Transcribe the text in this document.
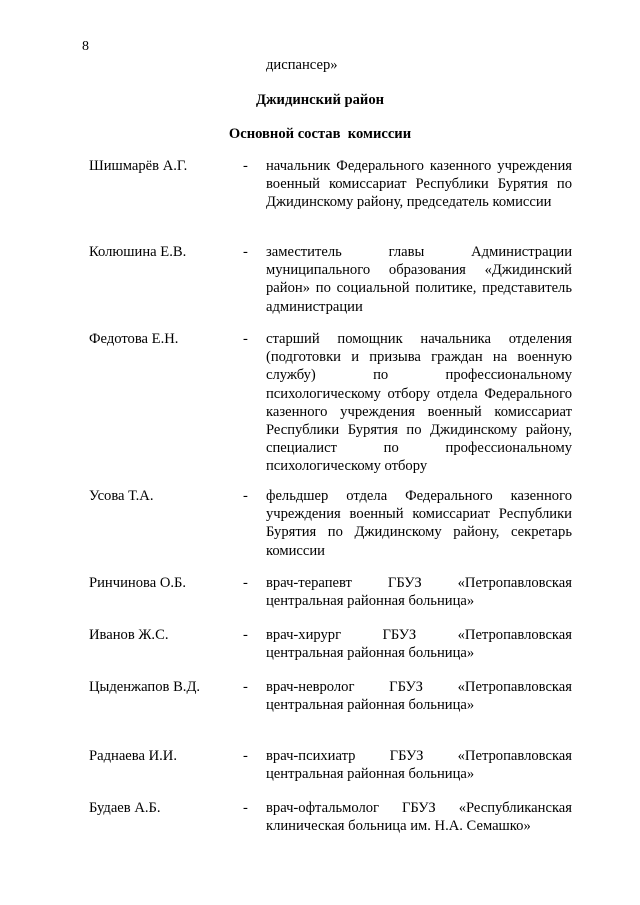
8
диспансер»
Джидинский район
Основной состав  комиссии
Шишмарёв А.Г.	- начальник Федерального казенного учреждения военный комиссариат Республики Бурятия по Джидинскому району, председатель комиссии
Колюшина Е.В.	- заместитель главы Администрации муниципального образования «Джидинский район» по социальной политике, представитель администрации
Федотова Е.Н.	- старший помощник начальника отделения (подготовки и призыва граждан на военную службу) по профессиональному психологическому отбору отдела Федерального казенного учреждения военный комиссариат Республики Бурятия по Джидинскому району, специалист по профессиональному психологическому отбору
Усова Т.А.	- фельдшер отдела Федерального казенного учреждения военный комиссариат Республики Бурятия по Джидинскому району, секретарь комиссии
Ринчинова О.Б.	- врач-терапевт ГБУЗ «Петропавловская центральная районная больница»
Иванов Ж.С.	- врач-хирург ГБУЗ «Петропавловская центральная районная больница»
Цыденжапов В.Д.	- врач-невролог ГБУЗ «Петропавловская центральная районная больница»
Раднаева И.И.	- врач-психиатр ГБУЗ «Петропавловская центральная районная больница»
Будаев А.Б.	- врач-офтальмолог ГБУЗ «Республиканская клиническая больница им. Н.А. Семашко»
